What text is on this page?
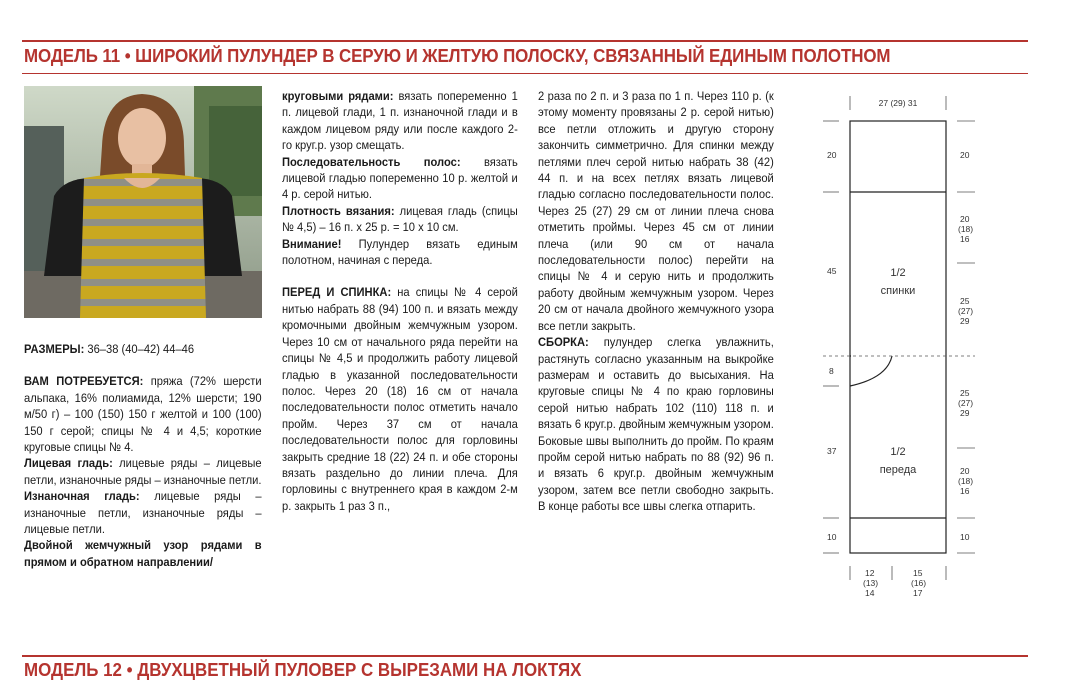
МОДЕЛЬ 11 • ШИРОКИЙ ПУЛУНДЕР В СЕРУЮ И ЖЕЛТУЮ ПОЛОСКУ, СВЯЗАННЫЙ ЕДИНЫМ ПОЛОТНОМ

РАЗМЕРЫ: 36–38 (40–42) 44–46

ВАМ ПОТРЕБУЕТСЯ: пряжа (72% шерсти альпака, 16% полиамида, 12% шерсти; 190 м/50 г) – 100 (150) 150 г желтой и 100 (100) 150 г серой; спицы № 4 и 4,5; короткие круговые спицы № 4.

Лицевая гладь: лицевые ряды – лицевые петли, изнаночные ряды – изнаночные петли.

Изнаночная гладь: лицевые ряды – изнаночные петли, изнаночные ряды – лицевые петли.

Двойной жемчужный узор рядами в прямом и обратном направлении/

круговыми рядами: вязать попеременно 1 п. лицевой глади, 1 п. изнаночной глади и в каждом лицевом ряду или после каждого 2-го круг.р. узор смещать.

Последовательность полос: вязать лицевой гладью попеременно 10 р. желтой и 4 р. серой нитью.

Плотность вязания: лицевая гладь (спицы № 4,5) – 16 п. х 25 р. = 10 х 10 см.

Внимание! Пулундер вязать единым полотном, начиная с переда.

ПЕРЕД И СПИНКА: на спицы № 4 серой нитью набрать 88 (94) 100 п. и вязать между кромочными двойным жемчужным узором. Через 10 см от начального ряда перейти на спицы № 4,5 и продолжить работу лицевой гладью в указанной последовательности полос. Через 20 (18) 16 см от начала последовательности полос отметить начало пройм. Через 37 см от начала последовательности полос для горловины закрыть средние 18 (22) 24 п. и обе стороны вязать раздельно до линии плеча. Для горловины с внутреннего края в каждом 2-м р. закрыть 1 раз 3 п.,

2 раза по 2 п. и 3 раза по 1 п. Через 110 р. (к этому моменту провязаны 2 р. серой нитью) все петли отложить и другую сторону закончить симметрично. Для спинки между петлями плеч серой нитью набрать 38 (42) 44 п. и на всех петлях вязать лицевой гладью согласно последовательности полос. Через 25 (27) 29 см от линии плеча снова отметить проймы. Через 45 см от линии плеча (или 90 см от начала последовательности полос) перейти на спицы № 4 и серую нить и продолжить работу двойным жемчужным узором. Через 20 см от начала двойного жемчужного узора все петли закрыть.

СБОРКА: пулундер слегка увлажнить, растянуть согласно указанным на выкройке размерам и оставить до высыхания. На круговые спицы № 4 по краю горловины серой нитью набрать 102 (110) 118 п. и вязать 6 круг.р. двойным жемчужным узором. Боковые швы выполнить до пройм. По краям пройм серой нитью набрать по 88 (92) 96 п. и вязать 6 круг.р. двойным жемчужным узором, затем все петли свободно закрыть. В конце работы все швы слегка отпарить.

27 (29) 31
20
45
8
37
10
20
20
(18)
16
25
(27)
29
25
(27)
29
20
(18)
16
10
12
(13)
14
15
(16)
17
1/2
спинки
1/2
переда
МОДЕЛЬ 12 • ДВУХЦВЕТНЫЙ ПУЛОВЕР С ВЫРЕЗАМИ НА ЛОКТЯХ
